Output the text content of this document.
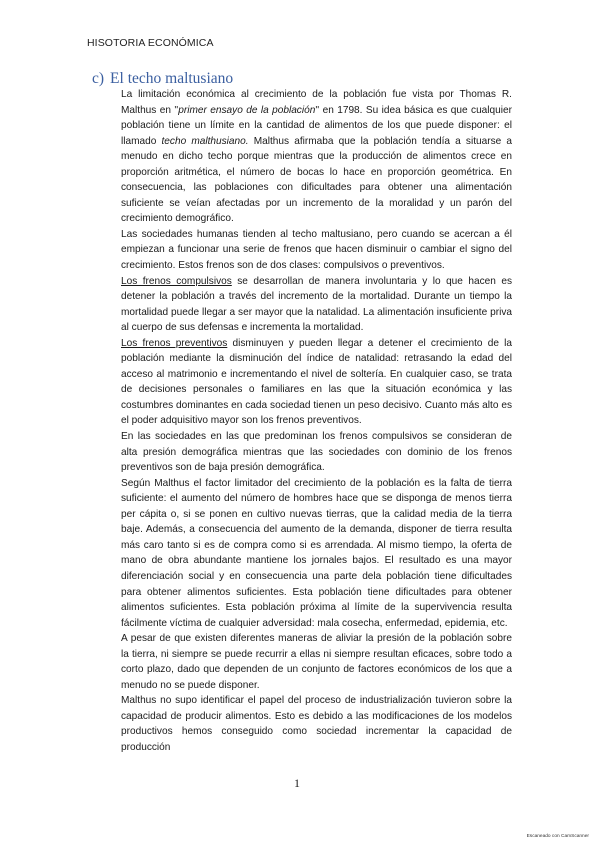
HISOTORIA ECONÓMICA
c) El techo maltusiano

La limitación económica al crecimiento de la población fue vista por Thomas R. Malthus en ''primer ensayo de la población'' en 1798. Su idea básica es que cualquier población tiene un límite en la cantidad de alimentos de los que puede disponer: el llamado techo malthusiano. Malthus afirmaba que la población tendía a situarse a menudo en dicho techo porque mientras que la producción de alimentos crece en proporción aritmética, el número de bocas lo hace en proporción geométrica. En consecuencia, las poblaciones con dificultades para obtener una alimentación suficiente se veían afectadas por un incremento de la moralidad y un parón del crecimiento demográfico.

Las sociedades humanas tienden al techo maltusiano, pero cuando se acercan a él empiezan a funcionar una serie de frenos que hacen disminuir o cambiar el signo del crecimiento. Estos frenos son de dos clases: compulsivos o preventivos.

Los frenos compulsivos se desarrollan de manera involuntaria y lo que hacen es detener la población a través del incremento de la mortalidad. Durante un tiempo la mortalidad puede llegar a ser mayor que la natalidad. La alimentación insuficiente priva al cuerpo de sus defensas e incrementa la mortalidad.

Los frenos preventivos disminuyen y pueden llegar a detener el crecimiento de la población mediante la disminución del índice de natalidad: retrasando la edad del acceso al matrimonio e incrementando el nivel de soltería. En cualquier caso, se trata de decisiones personales o familiares en las que la situación económica y las costumbres dominantes en cada sociedad tienen un peso decisivo. Cuanto más alto es el poder adquisitivo mayor son los frenos preventivos.

En las sociedades en las que predominan los frenos compulsivos se consideran de alta presión demográfica mientras que las sociedades con dominio de los frenos preventivos son de baja presión demográfica.

Según Malthus el factor limitador del crecimiento de la población es la falta de tierra suficiente: el aumento del número de hombres hace que se disponga de menos tierra per cápita o, si se ponen en cultivo nuevas tierras, que la calidad media de la tierra baje. Además, a consecuencia del aumento de la demanda, disponer de tierra resulta más caro tanto si es de compra como si es arrendada. Al mismo tiempo, la oferta de mano de obra abundante mantiene los jornales bajos. El resultado es una mayor diferenciación social y en consecuencia una parte dela población tiene dificultades para obtener alimentos suficientes. Esta población tiene dificultades para obtener alimentos suficientes. Esta población próxima al límite de la supervivencia resulta fácilmente víctima de cualquier adversidad: mala cosecha, enfermedad, epidemia, etc.

A pesar de que existen diferentes maneras de aliviar la presión de la población sobre la tierra, ni siempre se puede recurrir a ellas ni siempre resultan eficaces, sobre todo a corto plazo, dado que dependen de un conjunto de factores económicos de los que a menudo no se puede disponer.

Malthus no supo identificar el papel del proceso de industrialización tuvieron sobre la capacidad de producir alimentos. Esto es debido a las modificaciones de los modelos productivos hemos conseguido como sociedad incrementar la capacidad de producción

1
Escaneado con CamScanner
